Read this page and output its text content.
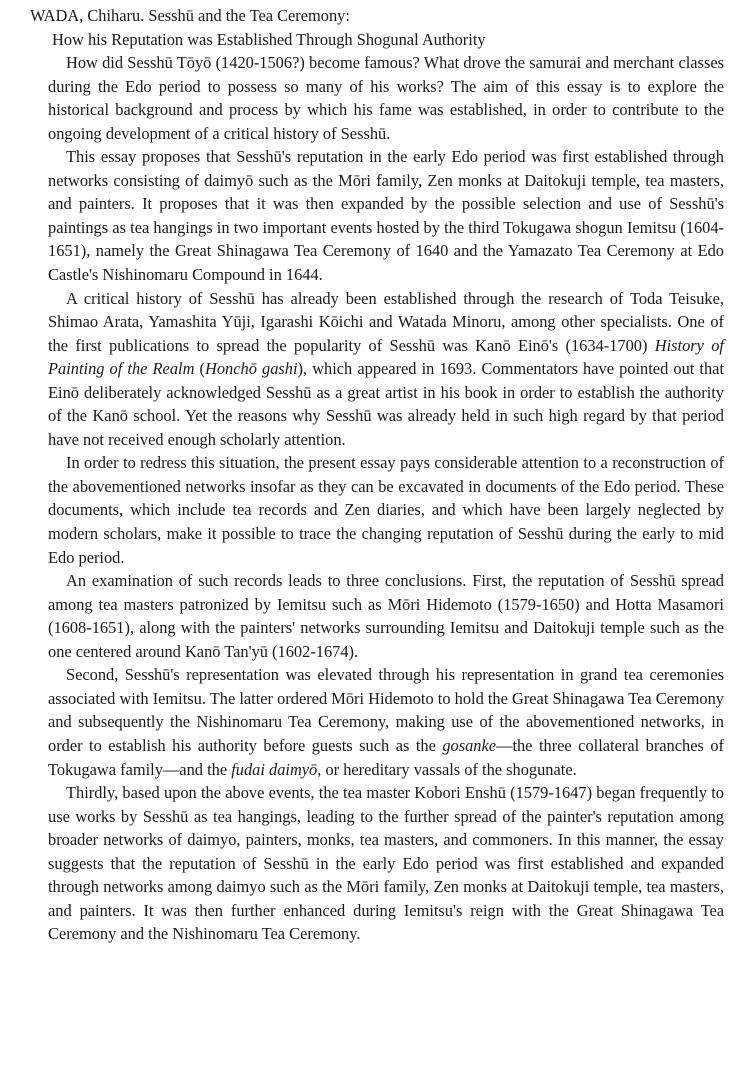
WADA, Chiharu. Sesshū and the Tea Ceremony:
How his Reputation was Established Through Shogunal Authority

How did Sesshū Tōyō (1420-1506?) become famous? What drove the samurai and merchant classes during the Edo period to possess so many of his works? The aim of this essay is to explore the historical background and process by which his fame was established, in order to contribute to the ongoing development of a critical history of Sesshū.

This essay proposes that Sesshū's reputation in the early Edo period was first established through networks consisting of daimyō such as the Mōri family, Zen monks at Daitokuji temple, tea masters, and painters. It proposes that it was then expanded by the possible selection and use of Sesshū's paintings as tea hangings in two important events hosted by the third Tokugawa shogun Iemitsu (1604-1651), namely the Great Shinagawa Tea Ceremony of 1640 and the Yamazato Tea Ceremony at Edo Castle's Nishinomaru Compound in 1644.

A critical history of Sesshū has already been established through the research of Toda Teisuke, Shimao Arata, Yamashita Yūji, Igarashi Kōichi and Watada Minoru, among other specialists. One of the first publications to spread the popularity of Sesshū was Kanō Einō's (1634-1700) History of Painting of the Realm (Honchō gashi), which appeared in 1693. Commentators have pointed out that Einō deliberately acknowledged Sesshū as a great artist in his book in order to establish the authority of the Kanō school. Yet the reasons why Sesshū was already held in such high regard by that period have not received enough scholarly attention.

In order to redress this situation, the present essay pays considerable attention to a reconstruction of the abovementioned networks insofar as they can be excavated in documents of the Edo period. These documents, which include tea records and Zen diaries, and which have been largely neglected by modern scholars, make it possible to trace the changing reputation of Sesshū during the early to mid Edo period.

An examination of such records leads to three conclusions. First, the reputation of Sesshū spread among tea masters patronized by Iemitsu such as Mōri Hidemoto (1579-1650) and Hotta Masamori (1608-1651), along with the painters' networks surrounding Iemitsu and Daitokuji temple such as the one centered around Kanō Tan'yū (1602-1674).

Second, Sesshū's representation was elevated through his representation in grand tea ceremonies associated with Iemitsu. The latter ordered Mōri Hidemoto to hold the Great Shinagawa Tea Ceremony and subsequently the Nishinomaru Tea Ceremony, making use of the abovementioned networks, in order to establish his authority before guests such as the gosanke—the three collateral branches of Tokugawa family—and the fudai daimyō, or hereditary vassals of the shogunate.

Thirdly, based upon the above events, the tea master Kobori Enshū (1579-1647) began frequently to use works by Sesshū as tea hangings, leading to the further spread of the painter's reputation among broader networks of daimyo, painters, monks, tea masters, and commoners. In this manner, the essay suggests that the reputation of Sesshū in the early Edo period was first established and expanded through networks among daimyo such as the Mōri family, Zen monks at Daitokuji temple, tea masters, and painters. It was then further enhanced during Iemitsu's reign with the Great Shinagawa Tea Ceremony and the Nishinomaru Tea Ceremony.
